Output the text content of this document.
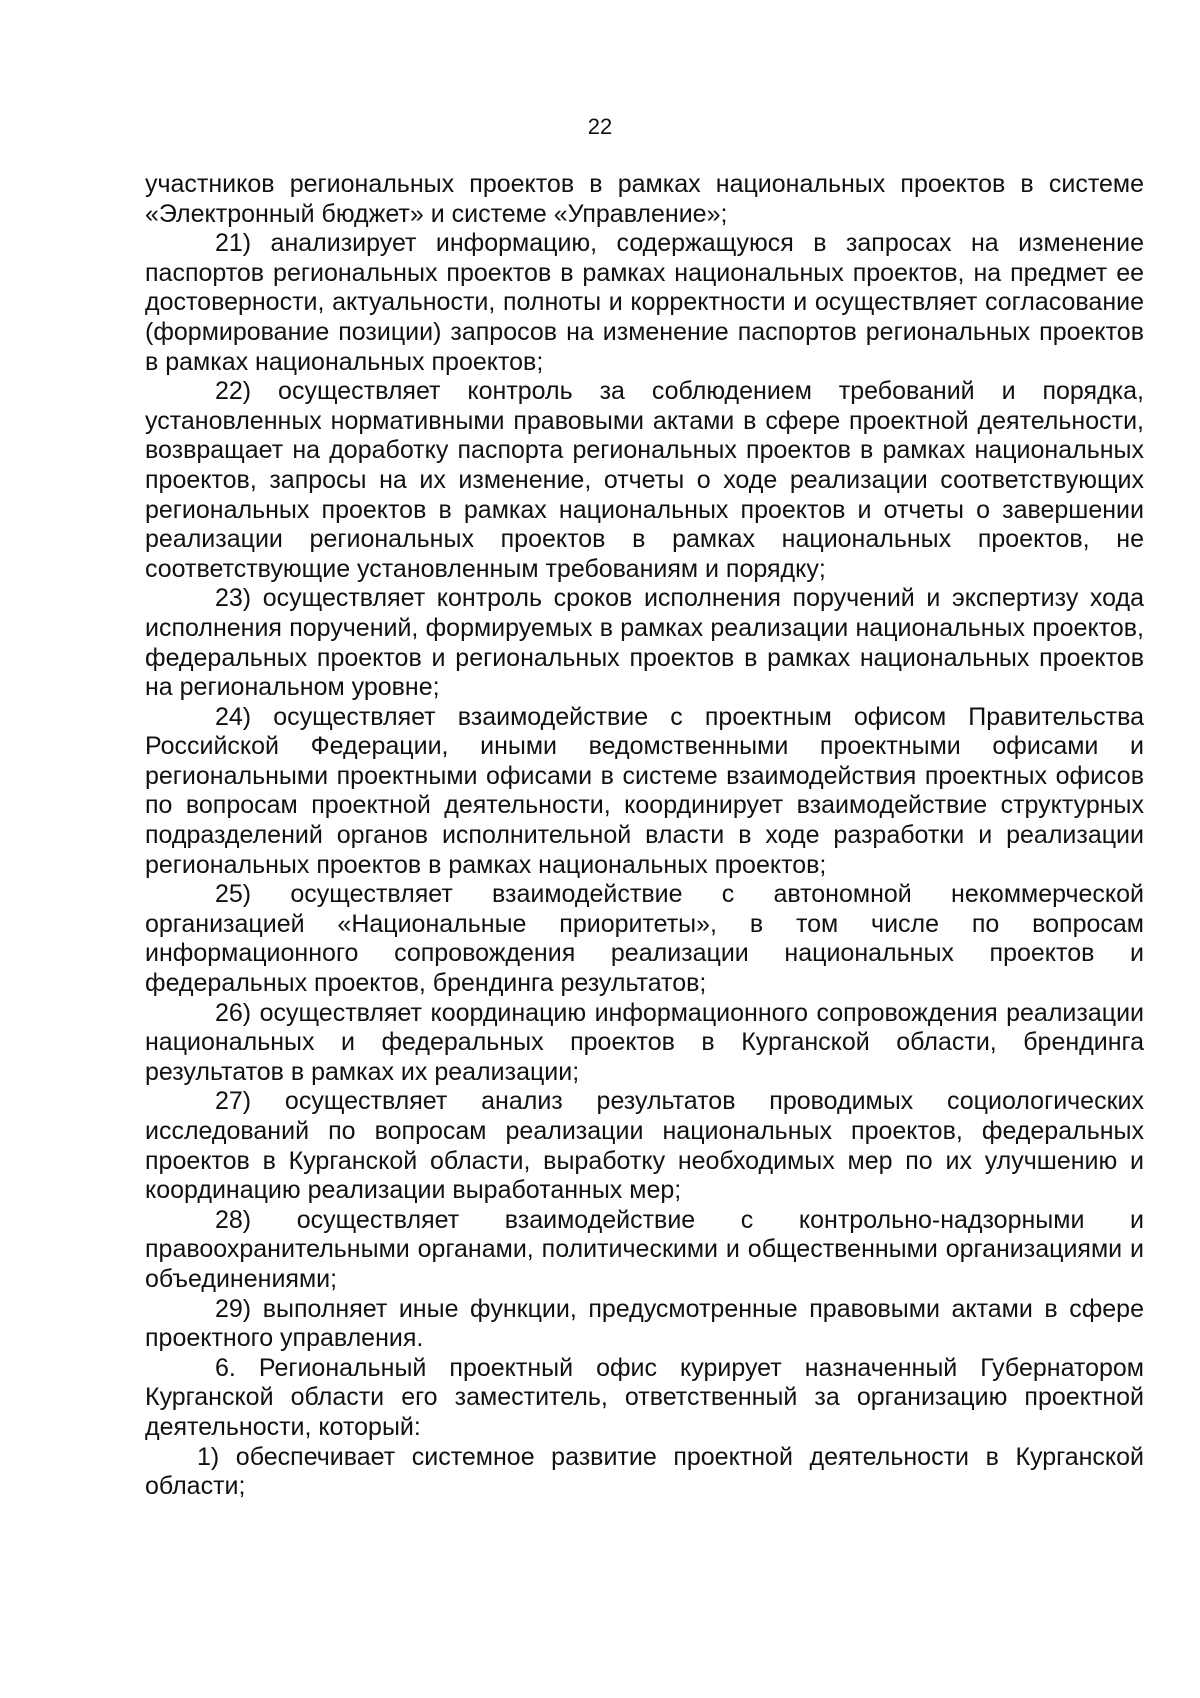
22

участников региональных проектов в рамках национальных проектов в системе «Электронный бюджет» и системе «Управление»;

21) анализирует информацию, содержащуюся в запросах на изменение паспортов региональных проектов в рамках национальных проектов, на предмет ее достоверности, актуальности, полноты и корректности и осуществляет согласование (формирование позиции) запросов на изменение паспортов региональных проектов в рамках национальных проектов;

22) осуществляет контроль за соблюдением требований и порядка, установленных нормативными правовыми актами в сфере проектной деятельности, возвращает на доработку паспорта региональных проектов в рамках национальных проектов, запросы на их изменение, отчеты о ходе реализации соответствующих региональных проектов в рамках национальных проектов и отчеты о завершении реализации региональных проектов в рамках национальных проектов, не соответствующие установленным требованиям и порядку;

23) осуществляет контроль сроков исполнения поручений и экспертизу хода исполнения поручений, формируемых в рамках реализации национальных проектов, федеральных проектов и региональных проектов в рамках национальных проектов на региональном уровне;

24) осуществляет взаимодействие с проектным офисом Правительства Российской Федерации, иными ведомственными проектными офисами и региональными проектными офисами в системе взаимодействия проектных офисов по вопросам проектной деятельности, координирует взаимодействие структурных подразделений органов исполнительной власти в ходе разработки и реализации региональных проектов в рамках национальных проектов;

25) осуществляет взаимодействие с автономной некоммерческой организацией «Национальные приоритеты», в том числе по вопросам информационного сопровождения реализации национальных проектов и федеральных проектов, брендинга результатов;

26) осуществляет координацию информационного сопровождения реализации национальных и федеральных проектов в Курганской области, брендинга результатов в рамках их реализации;

27) осуществляет анализ результатов проводимых социологических исследований по вопросам реализации национальных проектов, федеральных проектов в Курганской области, выработку необходимых мер по их улучшению и координацию реализации выработанных мер;

28) осуществляет взаимодействие с контрольно-надзорными и правоохранительными органами, политическими и общественными организациями и объединениями;

29) выполняет иные функции, предусмотренные правовыми актами в сфере проектного управления.

6. Региональный проектный офис курирует назначенный Губернатором Курганской области его заместитель, ответственный за организацию проектной деятельности, который:

1) обеспечивает системное развитие проектной деятельности в Курганской области;
